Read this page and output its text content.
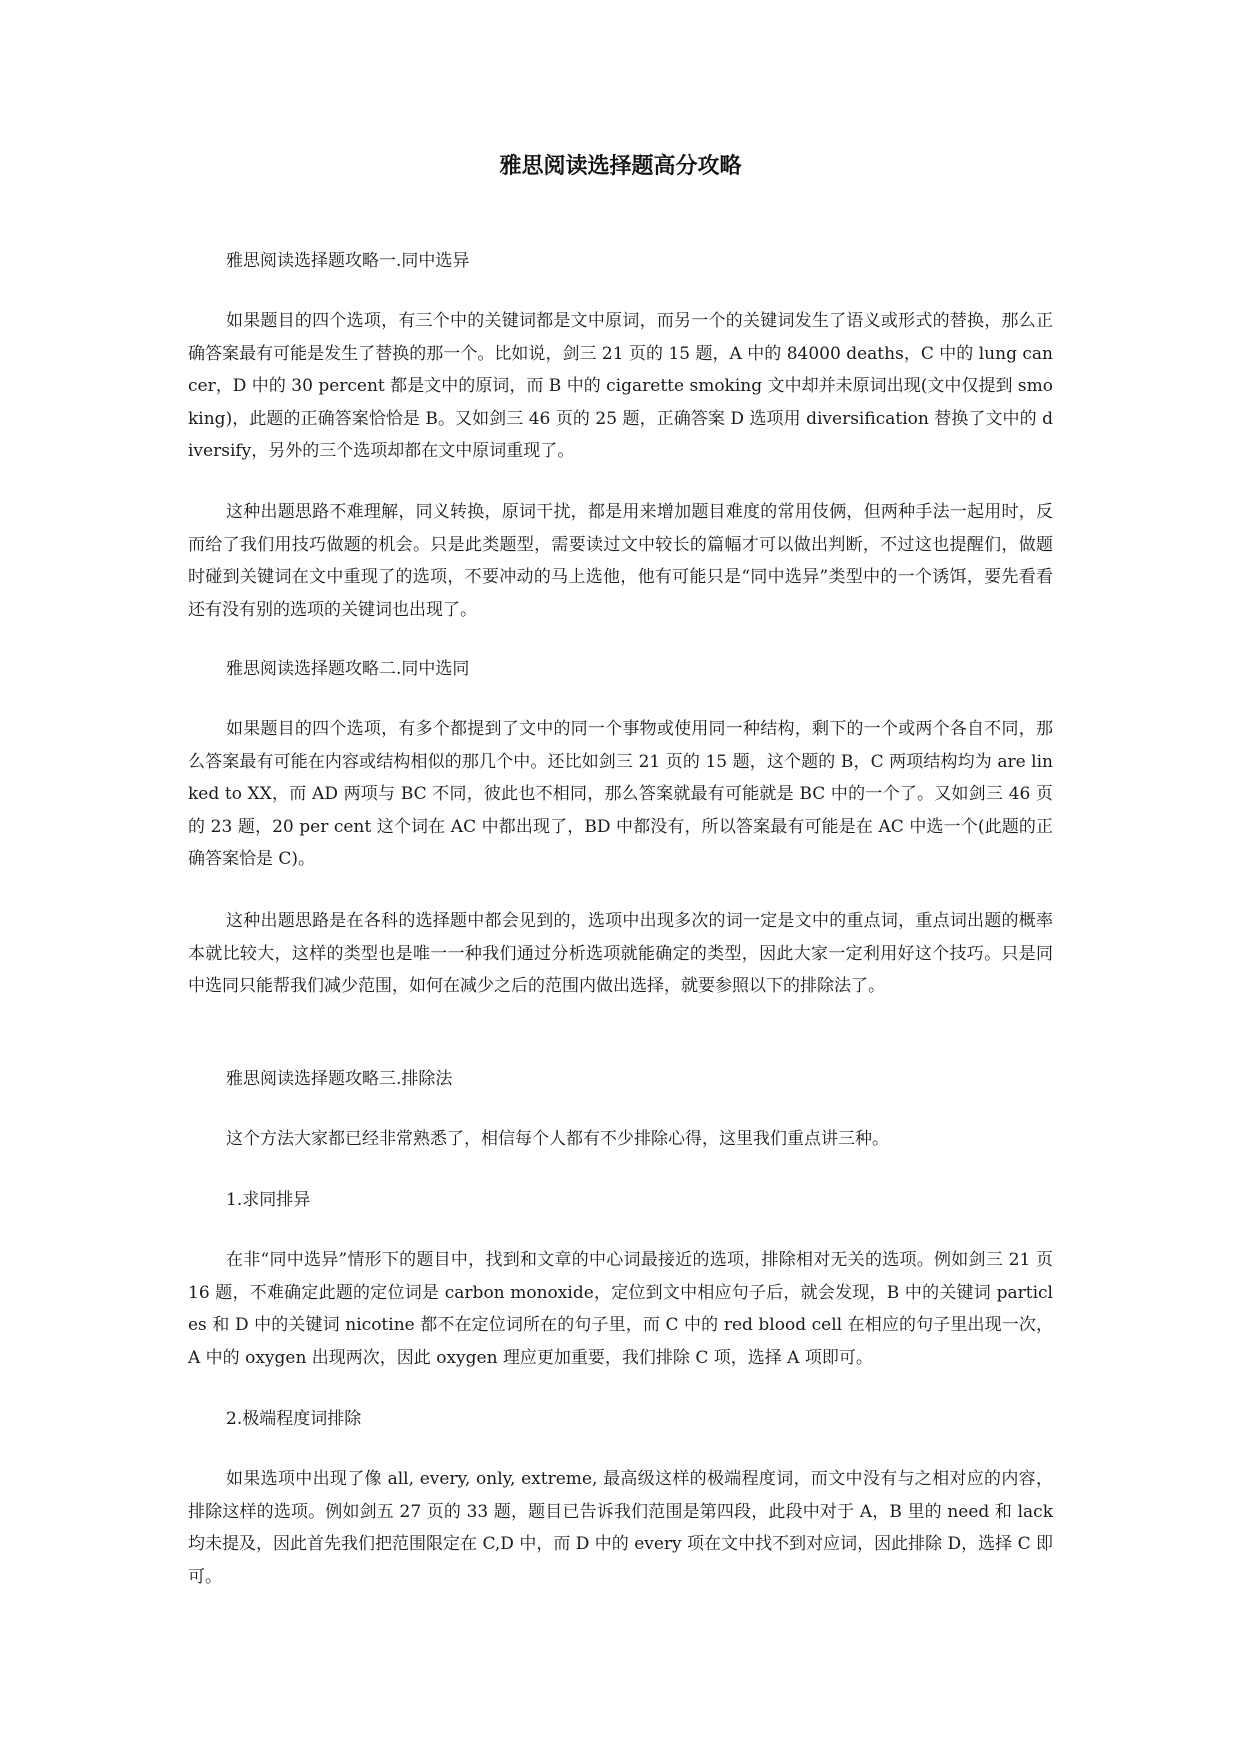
雅思阅读选择题高分攻略

雅思阅读选择题攻略一.同中选异

如果题目的四个选项，有三个中的关键词都是文中原词，而另一个的关键词发生了语义或形式的替换，那么正确答案最有可能是发生了替换的那一个。比如说，剑三 21 页的 15 题，A 中的 84000 deaths，C 中的 lung cancer，D 中的 30 percent 都是文中的原词，而 B 中的 cigarette smoking 文中却并未原词出现(文中仅提到 smoking)，此题的正确答案恰恰是 B。又如剑三 46 页的 25 题，正确答案 D 选项用 diversification 替换了文中的 diversify，另外的三个选项却都在文中原词重现了。

这种出题思路不难理解，同义转换，原词干扰，都是用来增加题目难度的常用伎俩，但两种手法一起用时，反而给了我们用技巧做题的机会。只是此类题型，需要读过文中较长的篇幅才可以做出判断，不过这也提醒们，做题时碰到关键词在文中重现了的选项，不要冲动的马上选他，他有可能只是“同中选异”类型中的一个诱饵，要先看看还有没有别的选项的关键词也出现了。

雅思阅读选择题攻略二.同中选同

如果题目的四个选项，有多个都提到了文中的同一个事物或使用同一种结构，剩下的一个或两个各自不同，那么答案最有可能在内容或结构相似的那几个中。还比如剑三 21 页的 15 题，这个题的 B，C 两项结构均为 are linked to XX，而 AD 两项与 BC 不同，彼此也不相同，那么答案就最有可能就是 BC 中的一个了。又如剑三 46 页的 23 题，20 per cent 这个词在 AC 中都出现了，BD 中都没有，所以答案最有可能是在 AC 中选一个(此题的正确答案恰是 C)。

这种出题思路是在各科的选择题中都会见到的，选项中出现多次的词一定是文中的重点词，重点词出题的概率本就比较大，这样的类型也是唯一一种我们通过分析选项就能确定的类型，因此大家一定利用好这个技巧。只是同中选同只能帮我们减少范围，如何在减少之后的范围内做出选择，就要参照以下的排除法了。

雅思阅读选择题攻略三.排除法

这个方法大家都已经非常熟悉了，相信每个人都有不少排除心得，这里我们重点讲三种。

1.求同排异

在非“同中选异”情形下的题目中，找到和文章的中心词最接近的选项，排除相对无关的选项。例如剑三 21 页 16 题，不难确定此题的定位词是 carbon monoxide，定位到文中相应句子后，就会发现，B 中的关键词 particles 和 D 中的关键词 nicotine 都不在定位词所在的句子里，而 C 中的 red blood cell 在相应的句子里出现一次，A 中的 oxygen 出现两次，因此 oxygen 理应更加重要，我们排除 C 项，选择 A 项即可。

2.极端程度词排除

如果选项中出现了像 all, every, only, extreme, 最高级这样的极端程度词，而文中没有与之相对应的内容，排除这样的选项。例如剑五 27 页的 33 题，题目已告诉我们范围是第四段，此段中对于 A，B 里的 need 和 lack 均未提及，因此首先我们把范围限定在 C,D 中，而 D 中的 every 项在文中找不到对应词，因此排除 D，选择 C 即可。
